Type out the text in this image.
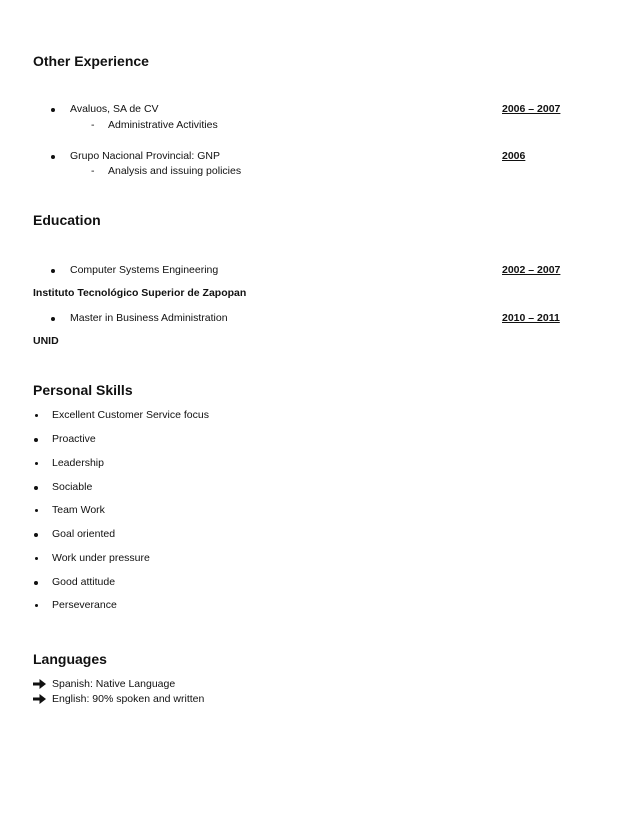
Other Experience
Avaluos, SA de CV	2006 – 2007
- Administrative Activities
Grupo Nacional Provincial: GNP	2006
- Analysis and issuing policies
Education
Computer Systems Engineering	2002 – 2007
Instituto Tecnológico Superior de Zapopan
Master in Business Administration	2010 – 2011
UNID
Personal Skills
Excellent Customer Service focus
Proactive
Leadership
Sociable
Team Work
Goal oriented
Work under pressure
Good attitude
Perseverance
Languages
Spanish: Native Language
English: 90% spoken and written
